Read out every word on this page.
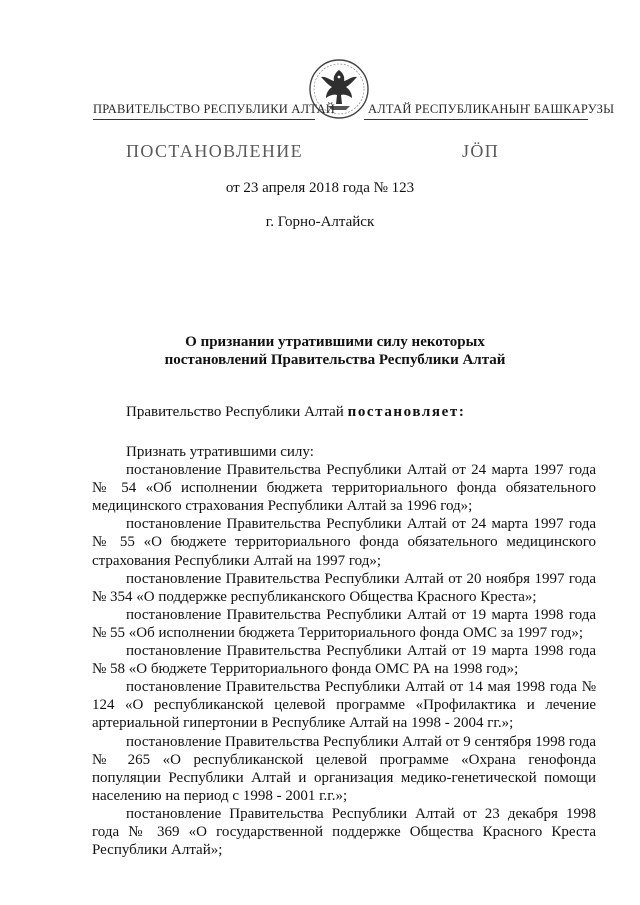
ПРАВИТЕЛЬСТВО РЕСПУБЛИКИ АЛТАЙ	АЛТАЙ РЕСПУБЛИКАНЫҤ БАШКАРУЗЫ
ПОСТАНОВЛЕНИЕ	ЈӦП
от 23 апреля 2018 года № 123
г. Горно-Алтайск
О признании утратившими силу некоторых
постановлений Правительства Республики Алтай
Правительство Республики Алтай постановляет:

Признать утратившими силу:

постановление Правительства Республики Алтай от 24 марта 1997 года № 54 «Об исполнении бюджета территориального фонда обязательного медицинского страхования Республики Алтай за 1996 год»;

постановление Правительства Республики Алтай от 24 марта 1997 года № 55 «О бюджете территориального фонда обязательного медицинского страхования Республики Алтай на 1997 год»;

постановление Правительства Республики Алтай от 20 ноября 1997 года № 354 «О поддержке республиканского Общества Красного Креста»;

постановление Правительства Республики Алтай от 19 марта 1998 года № 55 «Об исполнении бюджета Территориального фонда ОМС за 1997 год»;

постановление Правительства Республики Алтай от 19 марта 1998 года № 58 «О бюджете Территориального фонда ОМС РА на 1998 год»;

постановление Правительства Республики Алтай от 14 мая 1998 года № 124 «О республиканской целевой программе «Профилактика и лечение артериальной гипертонии в Республике Алтай на 1998 - 2004 гг.»;

постановление Правительства Республики Алтай от 9 сентября 1998 года № 265 «О республиканской целевой программе «Охрана генофонда популяции Республики Алтай и организация медико-генетической помощи населению на период с 1998 - 2001 г.г.»;

постановление Правительства Республики Алтай от 23 декабря 1998 года № 369 «О государственной поддержке Общества Красного Креста Республики Алтай»;
